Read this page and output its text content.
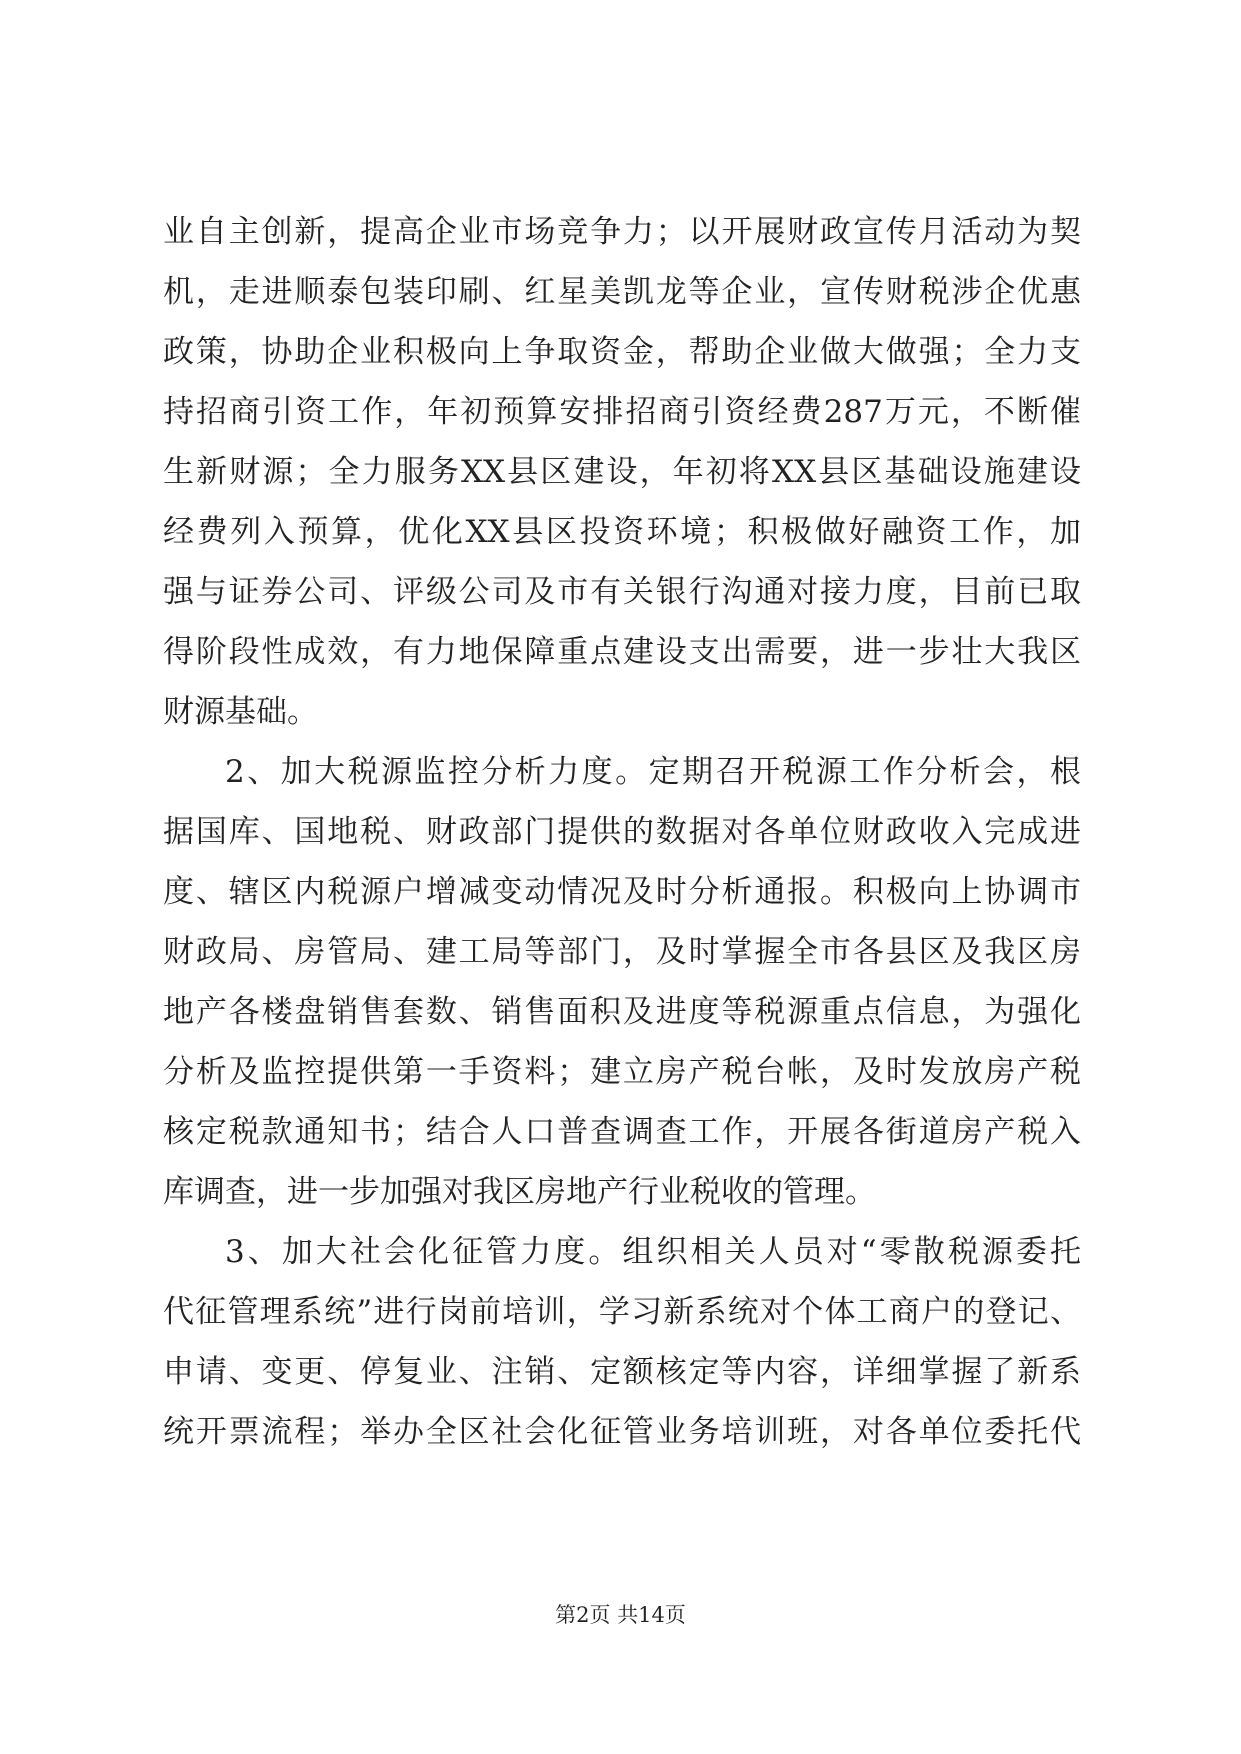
业自主创新，提高企业市场竞争力；以开展财政宣传月活动为契
机，走进顺泰包装印刷、红星美凯龙等企业，宣传财税涉企优惠
政策，协助企业积极向上争取资金，帮助企业做大做强；全力支
持招商引资工作，年初预算安排招商引资经费287万元，不断催
生新财源；全力服务XX县区建设，年初将XX县区基础设施建设
经费列入预算，优化XX县区投资环境；积极做好融资工作，加
强与证券公司、评级公司及市有关银行沟通对接力度，目前已取
得阶段性成效，有力地保障重点建设支出需要，进一步壮大我区
财源基础。
2、加大税源监控分析力度。定期召开税源工作分析会，根
据国库、国地税、财政部门提供的数据对各单位财政收入完成进
度、辖区内税源户增减变动情况及时分析通报。积极向上协调市
财政局、房管局、建工局等部门，及时掌握全市各县区及我区房
地产各楼盘销售套数、销售面积及进度等税源重点信息，为强化
分析及监控提供第一手资料；建立房产税台帐，及时发放房产税
核定税款通知书；结合人口普查调查工作，开展各街道房产税入
库调查，进一步加强对我区房地产行业税收的管理。
3、加大社会化征管力度。组织相关人员对“零散税源委托
代征管理系统”进行岗前培训，学习新系统对个体工商户的登记、
申请、变更、停复业、注销、定额核定等内容，详细掌握了新系
统开票流程；举办全区社会化征管业务培训班，对各单位委托代
第2页 共14页
